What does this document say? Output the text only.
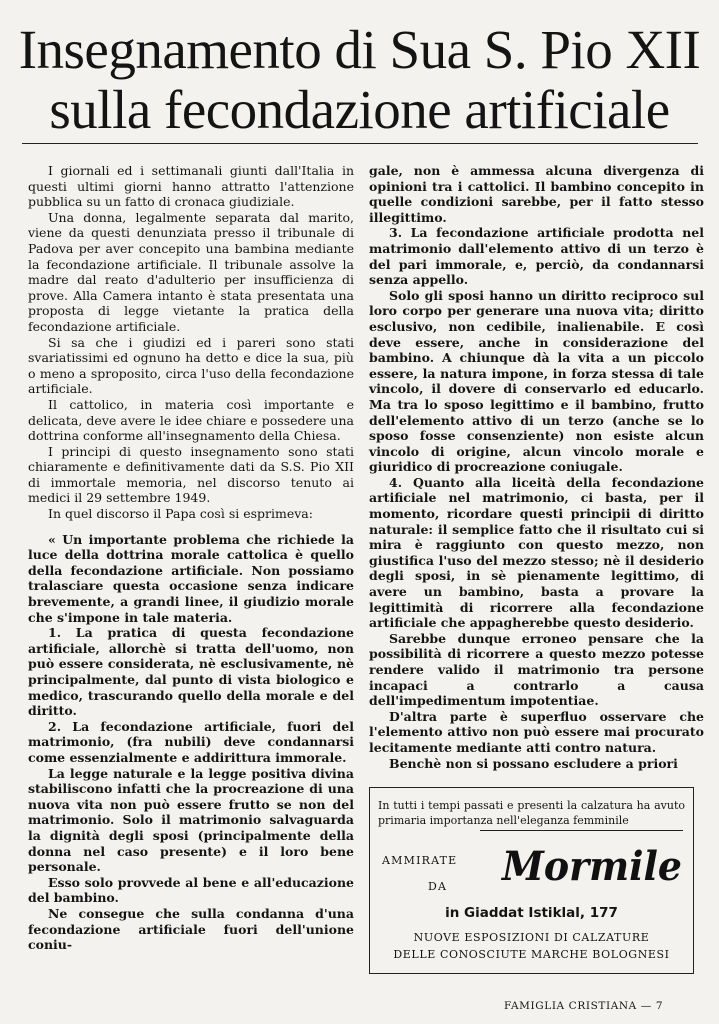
Insegnamento di Sua S. Pio XII
sulla fecondazione artificiale

I giornali ed i settimanali giunti dall'Italia in questi ultimi giorni hanno attratto l'attenzione pubblica su un fatto di cronaca giudiziale.

Una donna, legalmente separata dal marito, viene da questi denunziata presso il tribunale di Padova per aver concepito una bambina mediante la fecondazione artificiale. Il tribunale assolve la madre dal reato d'adulterio per insufficienza di prove. Alla Camera intanto è stata presentata una proposta di legge vietante la pratica della fecondazione artificiale.

Si sa che i giudizi ed i pareri sono stati svariatissimi ed ognuno ha detto e dice la sua, più o meno a sproposito, circa l'uso della fecondazione artificiale.

Il cattolico, in materia così importante e delicata, deve avere le idee chiare e possedere una dottrina conforme all'insegnamento della Chiesa.

I principi di questo insegnamento sono stati chiaramente e definitivamente dati da S.S. Pio XII di immortale memoria, nel discorso tenuto ai medici il 29 settembre 1949.

In quel discorso il Papa così si esprimeva:

« Un importante problema che richiede la luce della dottrina morale cattolica è quello della fecondazione artificiale. Non possiamo tralasciare questa occasione senza indicare brevemente, a grandi linee, il giudizio morale che s'impone in tale materia.

1. La pratica di questa fecondazione artificiale, allorchè si tratta dell'uomo, non può essere considerata, nè esclusivamente, nè principalmente, dal punto di vista biologico e medico, trascurando quello della morale e del diritto.

2. La fecondazione artificiale, fuori del matrimonio, (fra nubili) deve condannarsi come essenzialmente e addirittura immorale.

La legge naturale e la legge positiva divina stabiliscono infatti che la procreazione di una nuova vita non può essere frutto se non del matrimonio. Solo il matrimonio salvaguarda la dignità degli sposi (principalmente della donna nel caso presente) e il loro bene personale.

Esso solo provvede al bene e all'educazione del bambino.

Ne consegue che sulla condanna d'una fecondazione artificiale fuori dell'unione coniu-

gale, non è ammessa alcuna divergenza di opinioni tra i cattolici. Il bambino concepito in quelle condizioni sarebbe, per il fatto stesso illegittimo.

3. La fecondazione artificiale prodotta nel matrimonio dall'elemento attivo di un terzo è del pari immorale, e, perciò, da condannarsi senza appello.

Solo gli sposi hanno un diritto reciproco sul loro corpo per generare una nuova vita; diritto esclusivo, non cedibile, inalienabile. E così deve essere, anche in considerazione del bambino. A chiunque dà la vita a un piccolo essere, la natura impone, in forza stessa di tale vincolo, il dovere di conservarlo ed educarlo. Ma tra lo sposo legittimo e il bambino, frutto dell'elemento attivo di un terzo (anche se lo sposo fosse consenziente) non esiste alcun vincolo di origine, alcun vincolo morale e giuridico di procreazione coniugale.

4. Quanto alla liceità della fecondazione artificiale nel matrimonio, ci basta, per il momento, ricordare questi principii di diritto naturale: il semplice fatto che il risultato cui si mira è raggiunto con questo mezzo, non giustifica l'uso del mezzo stesso; nè il desiderio degli sposi, in sè pienamente legittimo, di avere un bambino, basta a provare la legittimità di ricorrere alla fecondazione artificiale che appagherebbe questo desiderio.

Sarebbe dunque erroneo pensare che la possibilità di ricorrere a questo mezzo potesse rendere valido il matrimonio tra persone incapaci a contrarlo a causa dell'impedimentum impotentiae.

D'altra parte è superfluo osservare che l'elemento attivo non può essere mai procurato lecitamente mediante atti contro natura.

Benchè non si possano escludere a priori

In tutti i tempi passati e presenti la calzatura ha avuto primaria importanza nell'eleganza femminile
AMMIRATE
DA Mormile
in Giaddat Istiklal, 177
NUOVE ESPOSIZIONI DI CALZATURE
DELLE CONOSCIUTE MARCHE BOLOGNESI
FAMIGLIA CRISTIANA — 7
